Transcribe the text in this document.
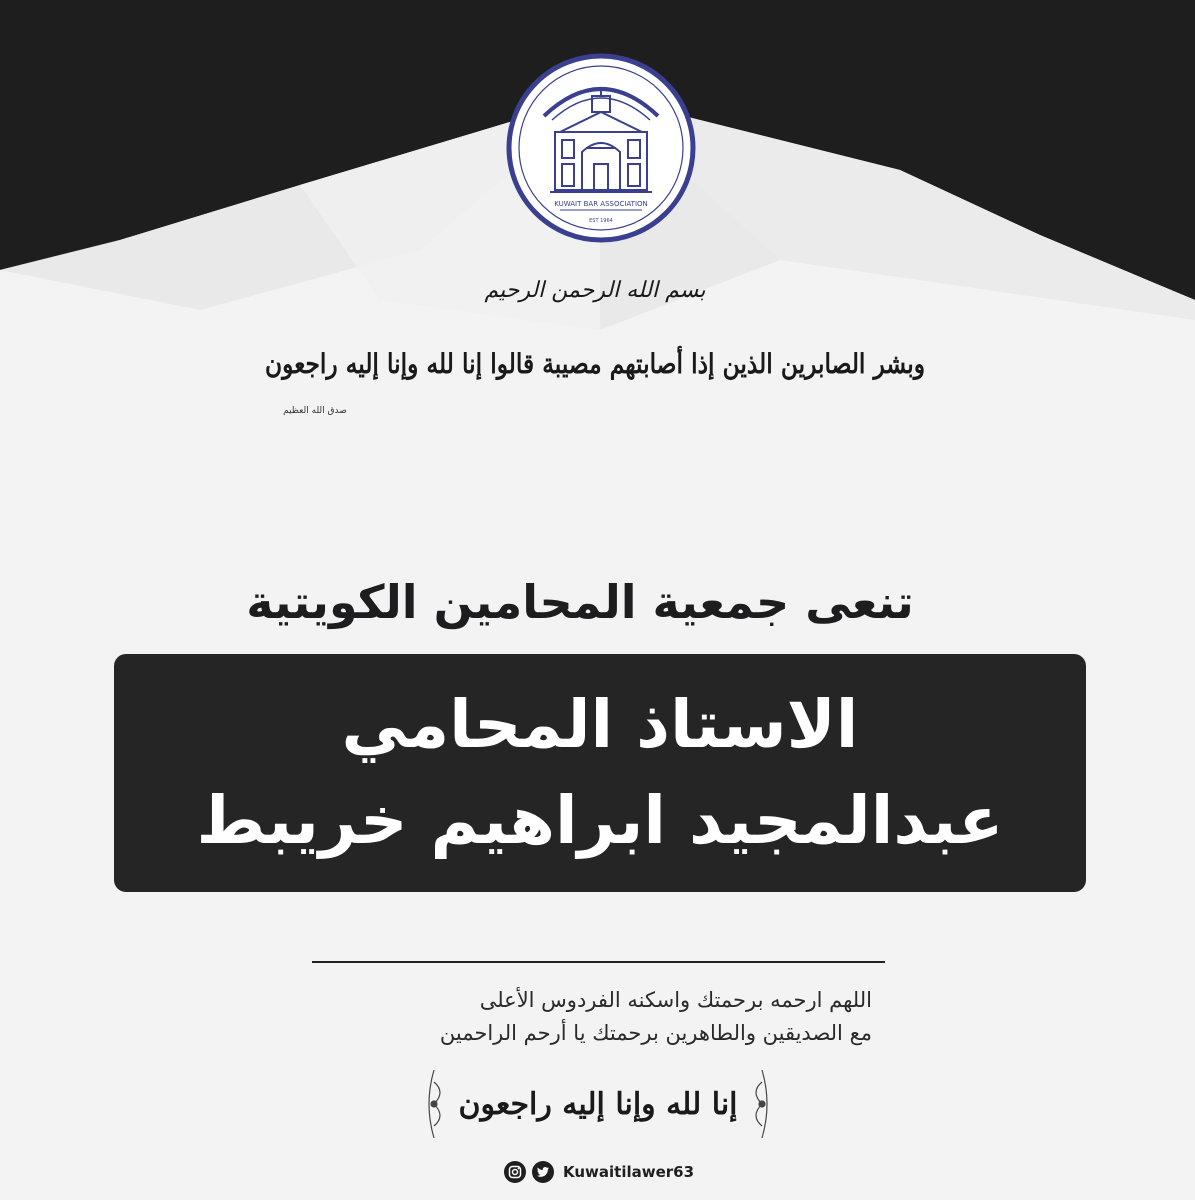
KUWAIT BAR ASSOCIATION
EST 1964
بسم الله الرحمن الرحيم
وبشر الصابرين الذين إذا أصابتهم مصيبة قالوا إنا لله وإنا إليه راجعون
صدق الله العظيم
تنعى جمعية المحامين الكويتية
الاستاذ المحامي
عبدالمجيد ابراهيم خريبط
اللهم ارحمه برحمتك واسكنه الفردوس الأعلى
مع الصديقين والطاهرين برحمتك يا أرحم الراحمين
إنا لله وإنا إليه راجعون
Kuwaitilawer63
